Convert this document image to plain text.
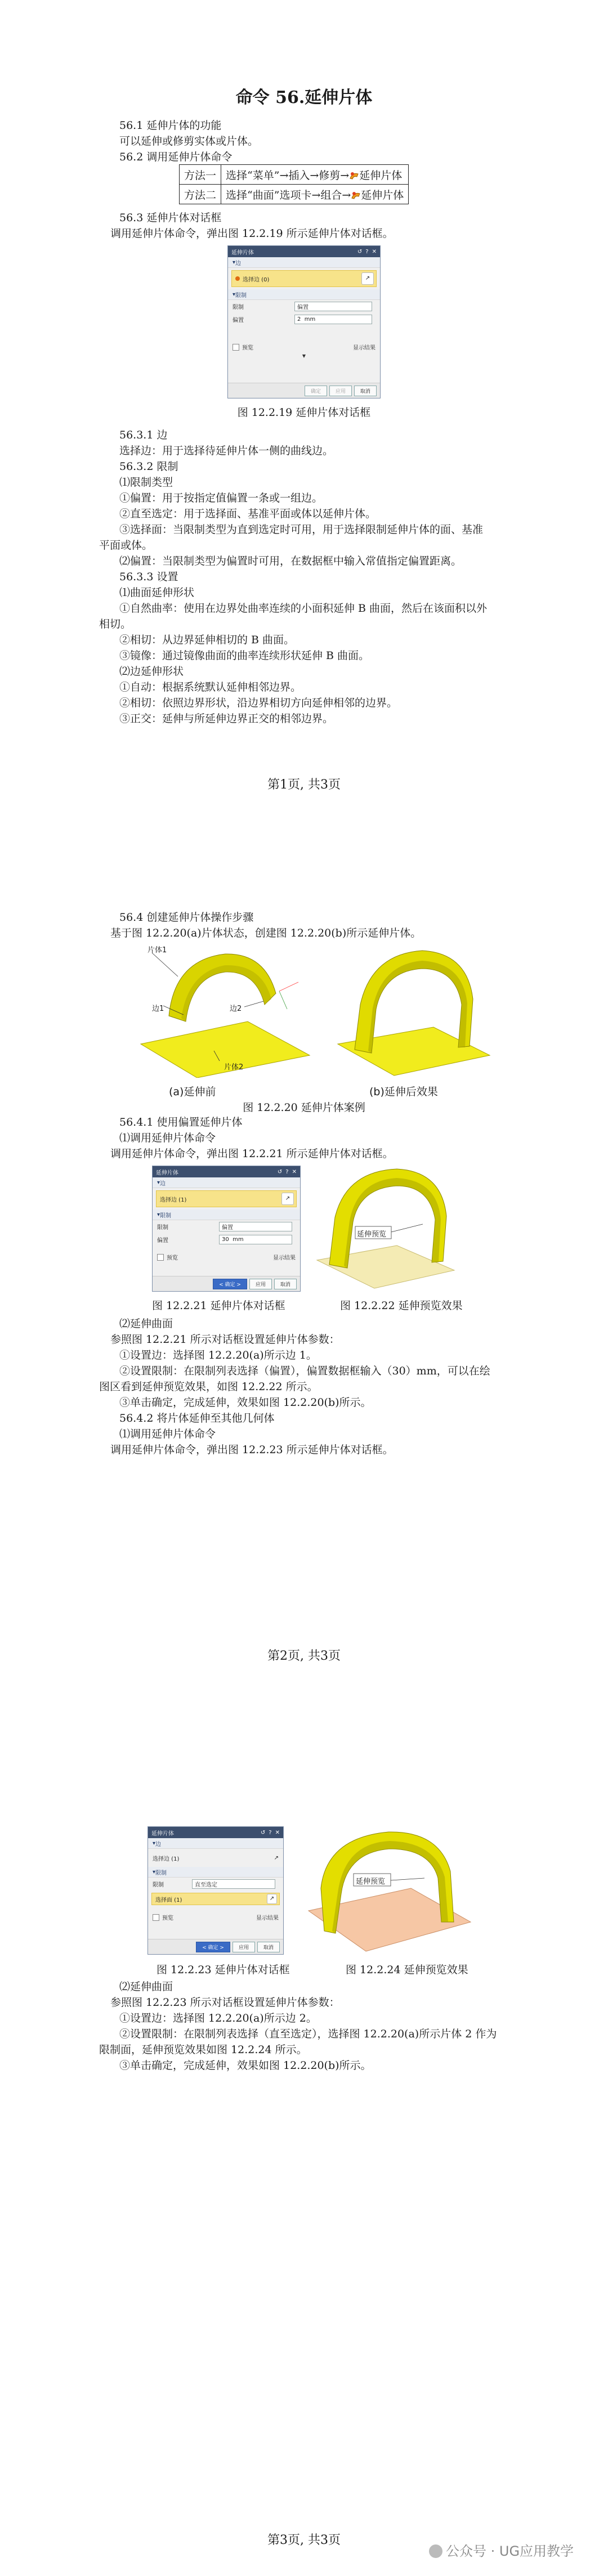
命令 56.延伸片体
56.1 延伸片体的功能
可以延伸或修剪实体或片体。
56.2 调用延伸片体命令
方法一	选择“菜单”→插入→修剪→ 延伸片体
方法二	选择“曲面”选项卡→组合→ 延伸片体
56.3 延伸片体对话框
调用延伸片体命令，弹出图 12.2.19 所示延伸片体对话框。
延伸片体	↺ ? ✕
▾ 边
选择边 (0)	↗
▾ 限制
限制	偏置
偏置	2
mm
预览	显示结果
▼
确定	应用	取消
图 12.2.19 延伸片体对话框
56.3.1 边
选择边：用于选择待延伸片体一侧的曲线边。
56.3.2 限制
⑴限制类型
①偏置：用于按指定值偏置一条或一组边。
②直至选定：用于选择面、基准平面或体以延伸片体。
③选择面：当限制类型为直到选定时可用，用于选择限制延伸片体的面、基准
平面或体。
⑵偏置：当限制类型为偏置时可用，在数据框中输入常值指定偏置距离。
56.3.3 设置
⑴曲面延伸形状
①自然曲率：使用在边界处曲率连续的小面积延伸 B 曲面，然后在该面积以外
相切。
②相切：从边界延伸相切的 B 曲面。
③镜像：通过镜像曲面的曲率连续形状延伸 B 曲面。
⑵边延伸形状
①自动：根据系统默认延伸相邻边界。
②相切：依照边界形状，沿边界相切方向延伸相邻的边界。
③正交：延伸与所延伸边界正交的相邻边界。
第1页, 共3页
56.4 创建延伸片体操作步骤
基于图 12.2.20(a)片体状态，创建图 12.2.20(b)所示延伸片体。
片体1
边1	边2
片体2
(a)延伸前	(b)延伸后效果
图 12.2.20 延伸片体案例
56.4.1 使用偏置延伸片体
⑴调用延伸片体命令
调用延伸片体命令，弹出图 12.2.21 所示延伸片体对话框。
延伸片体	↺ ? ✕
▾ 边
选择边 (1)	↗
▾ 限制
限制	偏置
偏置	30
mm
预览	显示结果
< 确定 >	应用	取消
延伸预览
图 12.2.21 延伸片体对话框	图 12.2.22 延伸预览效果
⑵延伸曲面
参照图 12.2.21 所示对话框设置延伸片体参数：
①设置边：选择图 12.2.20(a)所示边 1。
②设置限制：在限制列表选择（偏置），偏置数据框输入（30）mm，可以在绘
图区看到延伸预览效果，如图 12.2.22 所示。
③单击确定，完成延伸，效果如图 12.2.20(b)所示。
56.4.2 将片体延伸至其他几何体
⑴调用延伸片体命令
调用延伸片体命令，弹出图 12.2.23 所示延伸片体对话框。
第2页, 共3页
延伸片体	↺ ? ✕
▾ 边
选择边 (1)	↗
▾ 限制
限制	直至选定
选择面 (1)	↗
预览	显示结果
< 确定 >	应用	取消
延伸预览
图 12.2.23 延伸片体对话框	图 12.2.24 延伸预览效果
⑵延伸曲面
参照图 12.2.23 所示对话框设置延伸片体参数：
①设置边：选择图 12.2.20(a)所示边 2。
②设置限制：在限制列表选择（直至选定），选择图 12.2.20(a)所示片体 2 作为
限制面，延伸预览效果如图 12.2.24 所示。
③单击确定，完成延伸，效果如图 12.2.20(b)所示。
第3页, 共3页
公众号 · UG应用教学
